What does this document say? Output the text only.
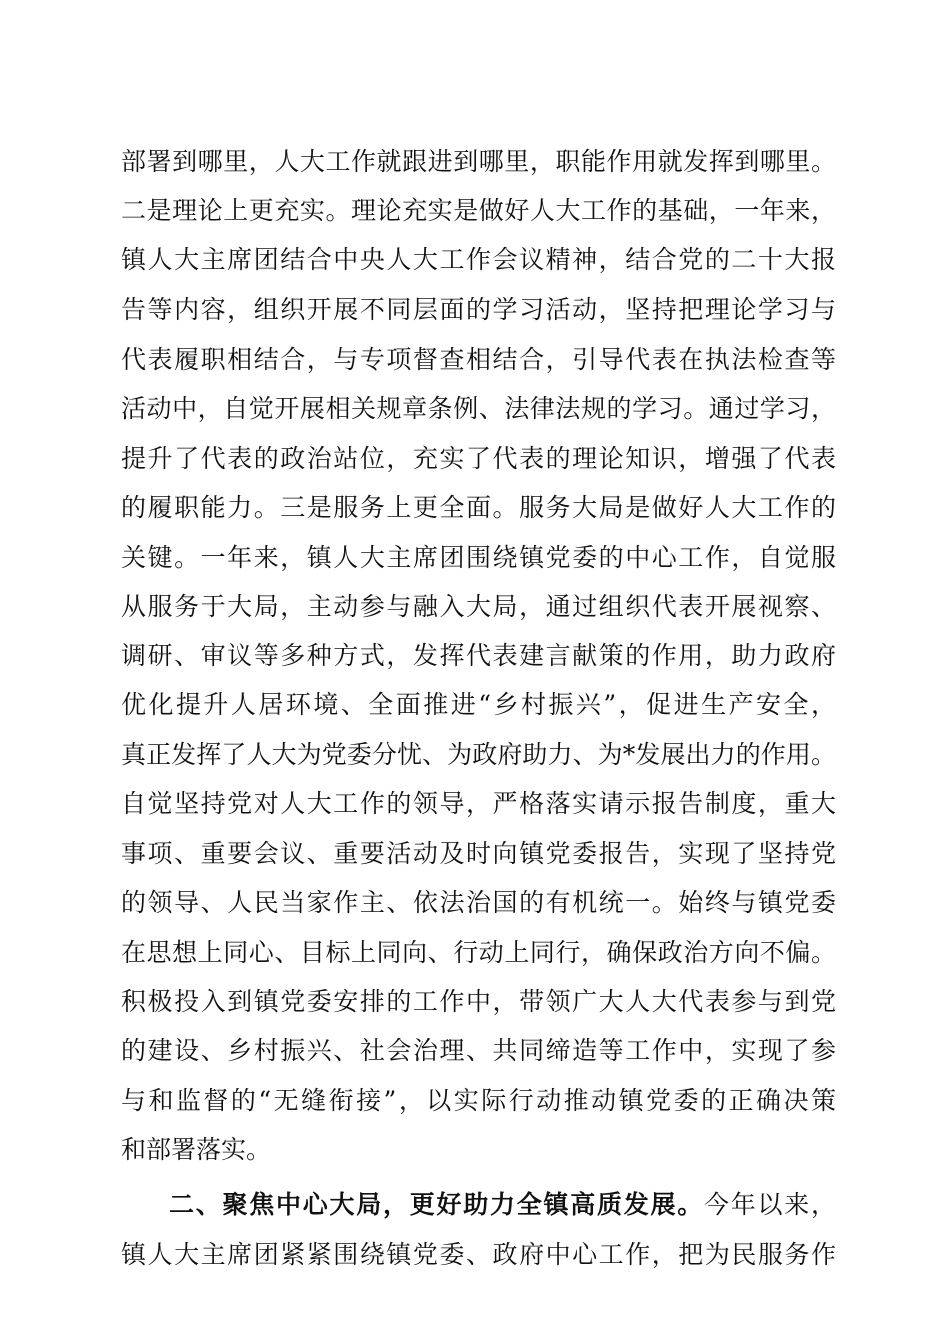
部署到哪里，人大工作就跟进到哪里，职能作用就发挥到哪里。
二是理论上更充实。理论充实是做好人大工作的基础，一年来，
镇人大主席团结合中央人大工作会议精神，结合党的二十大报
告等内容，组织开展不同层面的学习活动，坚持把理论学习与
代表履职相结合，与专项督查相结合，引导代表在执法检查等
活动中，自觉开展相关规章条例、法律法规的学习。通过学习，
提升了代表的政治站位，充实了代表的理论知识，增强了代表
的履职能力。三是服务上更全面。服务大局是做好人大工作的
关键。一年来，镇人大主席团围绕镇党委的中心工作，自觉服
从服务于大局，主动参与融入大局，通过组织代表开展视察、
调研、审议等多种方式，发挥代表建言献策的作用，助力政府
优化提升人居环境、全面推进“乡村振兴”，促进生产安全，
真正发挥了人大为党委分忧、为政府助力、为*发展出力的作用。
自觉坚持党对人大工作的领导，严格落实请示报告制度，重大
事项、重要会议、重要活动及时向镇党委报告，实现了坚持党
的领导、人民当家作主、依法治国的有机统一。始终与镇党委
在思想上同心、目标上同向、行动上同行，确保政治方向不偏。
积极投入到镇党委安排的工作中，带领广大人大代表参与到党
的建设、乡村振兴、社会治理、共同缔造等工作中，实现了参
与和监督的“无缝衔接”，以实际行动推动镇党委的正确决策
和部署落实。
二、聚焦中心大局，更好助力全镇高质发展。今年以来，
镇人大主席团紧紧围绕镇党委、政府中心工作，把为民服务作
